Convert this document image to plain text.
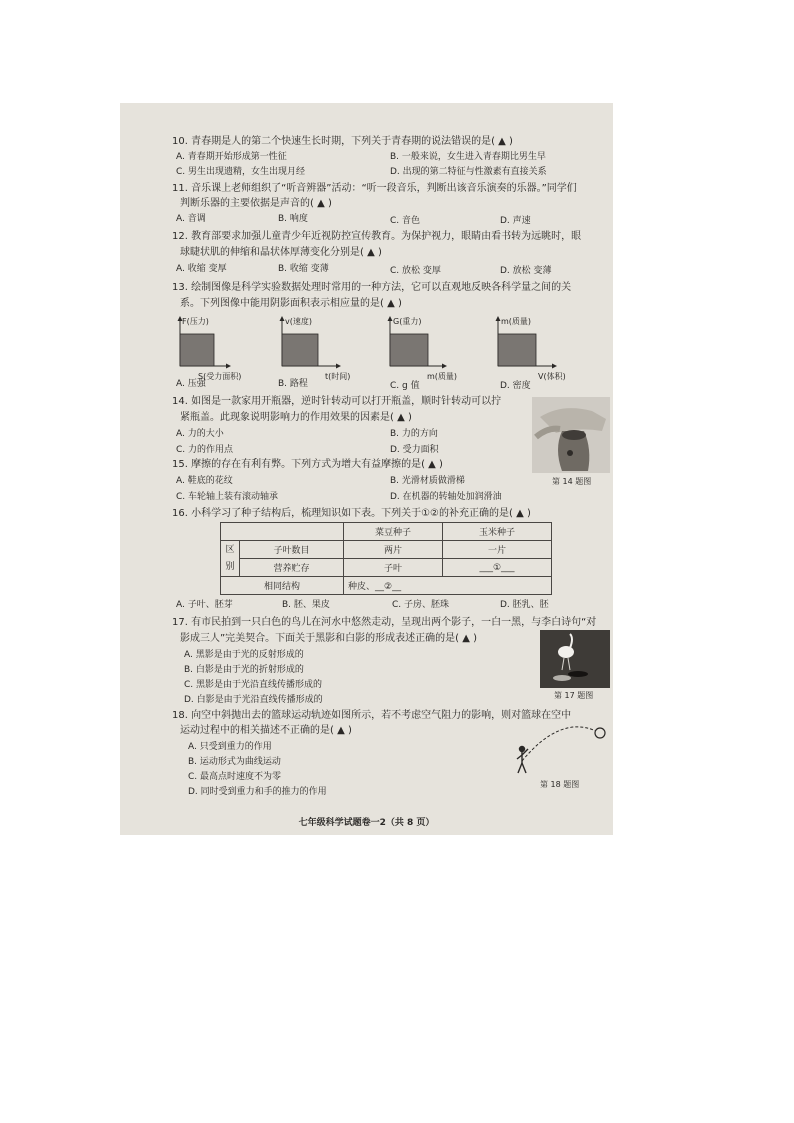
10. 青春期是人的第二个快速生长时期，下列关于青春期的说法错误的是( ▲ )
A. 青春期开始形成第一性征	B. 一般来说，女生进入青春期比男生早
C. 男生出现遗精，女生出现月经	D. 出现的第二特征与性激素有直接关系
11. 音乐课上老师组织了“听音辨器”活动：“听一段音乐，判断出该音乐演奏的乐器。”同学们
判断乐器的主要依据是声音的( ▲ )
A. 音调	B. 响度	C. 音色	D. 声速
12. 教育部要求加强儿童青少年近视防控宣传教育。为保护视力，眼睛由看书转为远眺时，眼
球睫状肌的伸缩和晶状体厚薄变化分别是( ▲ )
A. 收缩 变厚	B. 收缩 变薄	C. 放松 变厚	D. 放松 变薄
13. 绘制图像是科学实验数据处理时常用的一种方法，它可以直观地反映各科学量之间的关
系。下列图像中能用阴影面积表示相应量的是( ▲ )
F(压力)
S(受力面积)
v(速度)
t(时间)
G(重力)
m(质量)
m(质量)
V(体积)
A. 压强	B. 路程	C. g 值	D. 密度
14. 如图是一款家用开瓶器，逆时针转动可以打开瓶盖，顺时针转动可以拧
紧瓶盖。此现象说明影响力的作用效果的因素是( ▲ )
A. 力的大小	B. 力的方向
C. 力的作用点	D. 受力面积
第 14 题图
15. 摩擦的存在有利有弊。下列方式为增大有益摩擦的是( ▲ )
A. 鞋底的花纹	B. 光滑材质做滑梯
C. 车轮轴上装有滚动轴承	D. 在机器的转轴处加润滑油
16. 小科学习了种子结构后，梳理知识如下表。下列关于①②的补充正确的是( ▲ )
		菜豆种子	玉米种子
区
别	子叶数目	两片	一片
	营养贮存	子叶	___①___
相同结构		种皮、__②__	
A. 子叶、胚芽	B. 胚、果皮	C. 子房、胚珠	D. 胚乳、胚
17. 有市民拍到一只白色的鸟儿在河水中悠然走动，呈现出两个影子，一白一黑，与李白诗句“对
影成三人”完美契合。下面关于黑影和白影的形成表述正确的是( ▲ )
A. 黑影是由于光的反射形成的
B. 白影是由于光的折射形成的
C. 黑影是由于光沿直线传播形成的
D. 白影是由于光沿直线传播形成的	第 17 题图
18. 向空中斜抛出去的篮球运动轨迹如图所示，若不考虑空气阻力的影响，则对篮球在空中
运动过程中的相关描述不正确的是( ▲ )
A. 只受到重力的作用
B. 运动形式为曲线运动
C. 最高点时速度不为零
D. 同时受到重力和手的推力的作用
第 18 题图
七年级科学试题卷一2（共 8 页）
